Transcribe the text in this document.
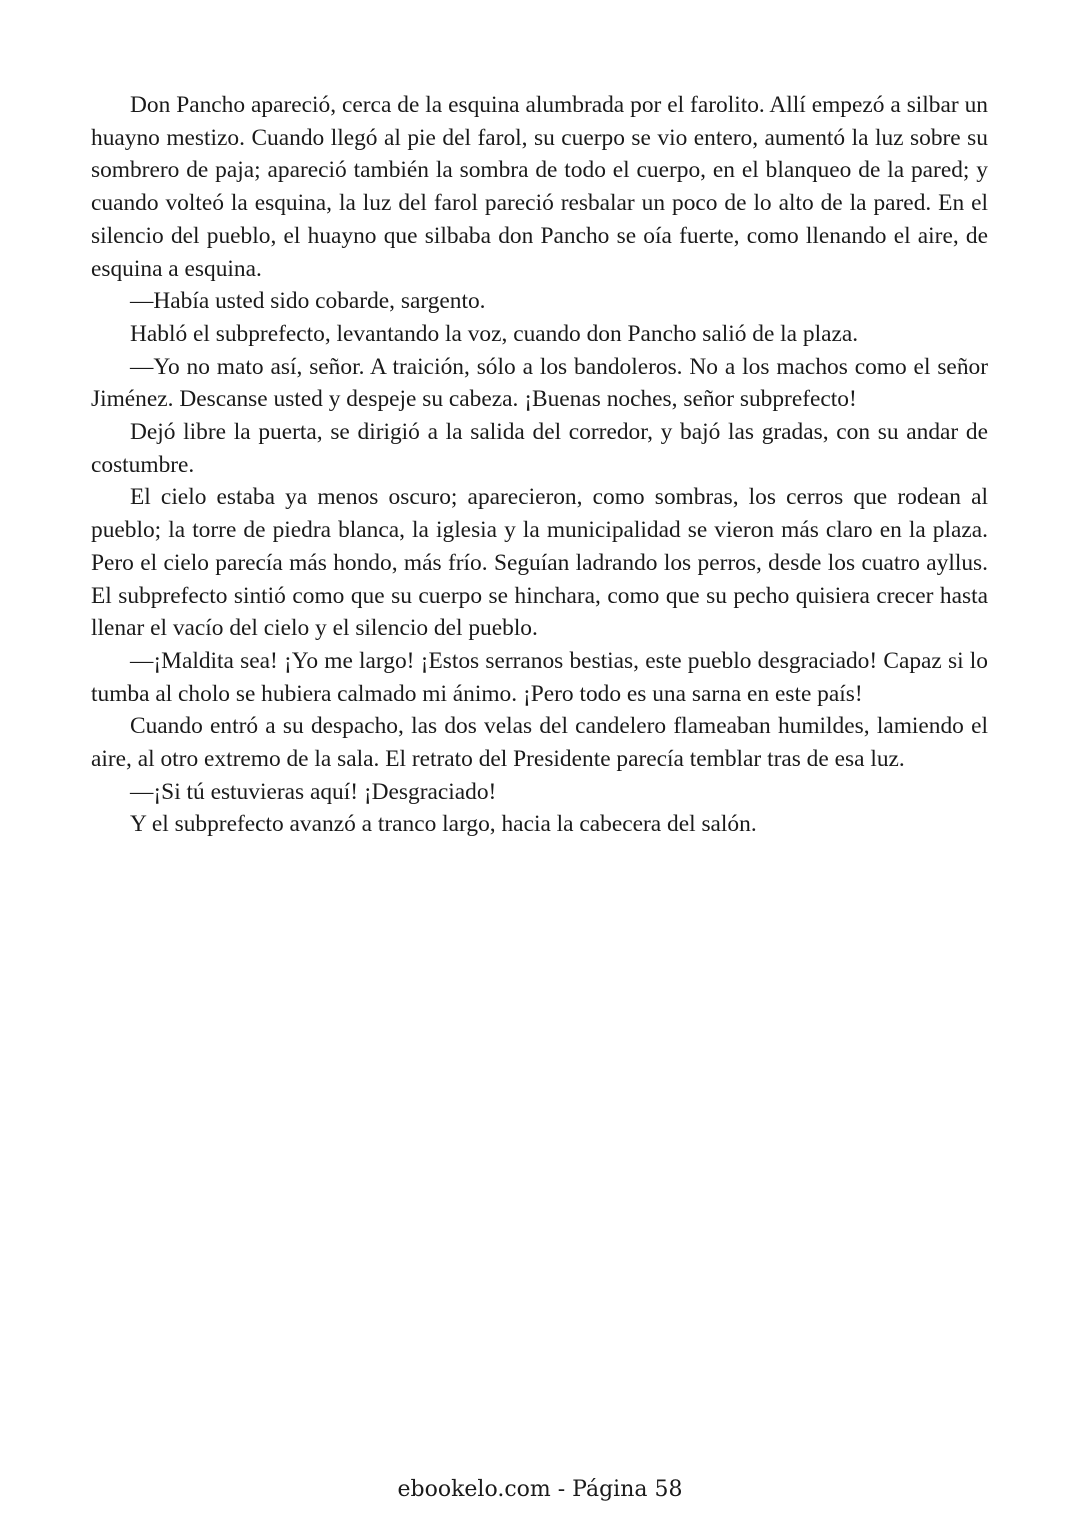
Don Pancho apareció, cerca de la esquina alumbrada por el farolito. Allí empezó a silbar un huayno mestizo. Cuando llegó al pie del farol, su cuerpo se vio entero, aumentó la luz sobre su sombrero de paja; apareció también la sombra de todo el cuerpo, en el blanqueo de la pared; y cuando volteó la esquina, la luz del farol pareció resbalar un poco de lo alto de la pared. En el silencio del pueblo, el huayno que silbaba don Pancho se oía fuerte, como llenando el aire, de esquina a esquina.

—Había usted sido cobarde, sargento.

Habló el subprefecto, levantando la voz, cuando don Pancho salió de la plaza.

—Yo no mato así, señor. A traición, sólo a los bandoleros. No a los machos como el señor Jiménez. Descanse usted y despeje su cabeza. ¡Buenas noches, señor subprefecto!

Dejó libre la puerta, se dirigió a la salida del corredor, y bajó las gradas, con su andar de costumbre.

El cielo estaba ya menos oscuro; aparecieron, como sombras, los cerros que rodean al pueblo; la torre de piedra blanca, la iglesia y la municipalidad se vieron más claro en la plaza. Pero el cielo parecía más hondo, más frío. Seguían ladrando los perros, desde los cuatro ayllus. El subprefecto sintió como que su cuerpo se hinchara, como que su pecho quisiera crecer hasta llenar el vacío del cielo y el silencio del pueblo.

—¡Maldita sea! ¡Yo me largo! ¡Estos serranos bestias, este pueblo desgraciado! Capaz si lo tumba al cholo se hubiera calmado mi ánimo. ¡Pero todo es una sarna en este país!

Cuando entró a su despacho, las dos velas del candelero flameaban humildes, lamiendo el aire, al otro extremo de la sala. El retrato del Presidente parecía temblar tras de esa luz.

—¡Si tú estuvieras aquí! ¡Desgraciado!

Y el subprefecto avanzó a tranco largo, hacia la cabecera del salón.

ebookelo.com - Página 58
